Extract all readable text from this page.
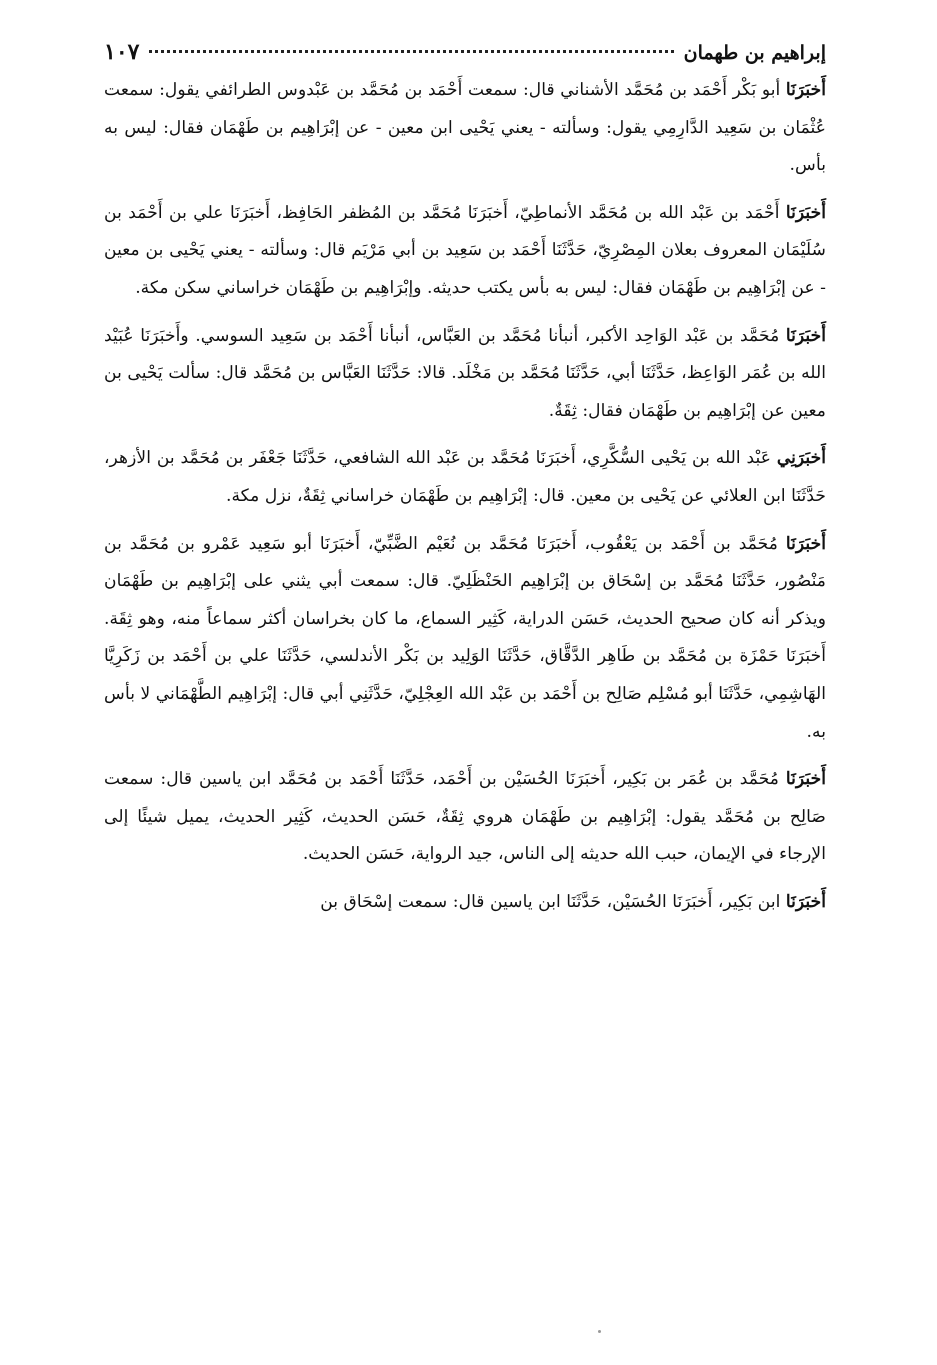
إبراهيم بن طهمان
١٠٧

أَخبَرَنَا أبو بَكْر أَحْمَد بن مُحَمَّد الأشناني قال: سمعت أَحْمَد بن مُحَمَّد بن عَبْدوس الطرائفي يقول: سمعت عُثْمَان بن سَعِيد الدَّارِمِي يقول: وسألته - يعني يَحْيى ابن معين - عن إبْرَاهِيم بن طَهْمَان فقال: ليس به بأس.

أَخبَرَنَا أَحْمَد بن عَبْد الله بن مُحَمَّد الأنماطِيّ، أَخبَرَنَا مُحَمَّد بن المُظفر الحَافِظ، أَخبَرَنَا علي بن أَحْمَد بن سُلَيْمَان المعروف بعلان المِصْرِيّ، حَدَّثَنَا أَحْمَد بن سَعِيد بن أبي مَرْيَم قال: وسألته - يعني يَحْيى بن معين - عن إبْرَاهِيم بن طَهْمَان فقال: ليس به بأس يكتب حديثه. وإبْرَاهِيم بن طَهْمَان خراساني سكن مكة.

أَخبَرَنَا مُحَمَّد بن عَبْد الوَاحِد الأكبر، أنبأنا مُحَمَّد بن العَبَّاس، أنبأنا أَحْمَد بن سَعِيد السوسي. وأَخبَرَنَا عُبَيْد الله بن عُمَر الوَاعِظ، حَدَّثَنَا أبي، حَدَّثَنَا مُحَمَّد بن مَخْلَد. قالا: حَدَّثَنَا العَبَّاس بن مُحَمَّد قال: سألت يَحْيى بن معين عن إبْرَاهِيم بن طَهْمَان فقال: ثِقَةٌ.

أَخبَرَنِي عَبْد الله بن يَحْيى السُّكَّرِي، أَخبَرَنَا مُحَمَّد بن عَبْد الله الشافعي، حَدَّثَنَا جَعْفَر بن مُحَمَّد بن الأزهر، حَدَّثَنَا ابن العلائي عن يَحْيى بن معين. قال: إبْرَاهِيم بن طَهْمَان خراساني ثِقَةٌ، نزل مكة.

أَخبَرَنَا مُحَمَّد بن أَحْمَد بن يَعْقُوب، أَخبَرَنَا مُحَمَّد بن نُعَيْم الضَّبِّيّ، أَخبَرَنَا أبو سَعِيد عَمْرو بن مُحَمَّد بن مَنْصُور، حَدَّثَنَا مُحَمَّد بن إسْحَاق بن إبْرَاهِيم الحَنْظَلِيّ. قال: سمعت أبي يثني على إبْرَاهِيم بن طَهْمَان ويذكر أنه كان صحيح الحديث، حَسَن الدراية، كَثِير السماع، ما كان بخراسان أكثر سماعاً منه، وهو ثِقَة. أَخبَرَنَا حَمْزَة بن مُحَمَّد بن طَاهِر الدَّقَّاق، حَدَّثَنَا الوَلِيد بن بَكْر الأندلسي، حَدَّثَنَا علي بن أَحْمَد بن زَكَرِيَّا الهَاشِمِي، حَدَّثَنَا أبو مُسْلِم صَالِح بن أَحْمَد بن عَبْد الله العِجْلِيّ، حَدَّثَنِي أبي قال: إبْرَاهِيم الطَّهْمَاني لا بأس به.

أَخبَرَنَا مُحَمَّد بن عُمَر بن بَكِير، أَخبَرَنَا الحُسَيْن بن أَحْمَد، حَدَّثَنَا أَحْمَد بن مُحَمَّد ابن ياسين قال: سمعت صَالِح بن مُحَمَّد يقول: إبْرَاهِيم بن طَهْمَان هروي ثِقَةٌ، حَسَن الحديث، كَثِير الحديث، يميل شيئًا إلى الإرجاء في الإيمان، حبب الله حديثه إلى الناس، جيد الرواية، حَسَن الحديث.

أَخبَرَنَا ابن بَكِير، أَخبَرَنَا الحُسَيْن، حَدَّثَنَا ابن ياسين قال: سمعت إسْحَاق بن
